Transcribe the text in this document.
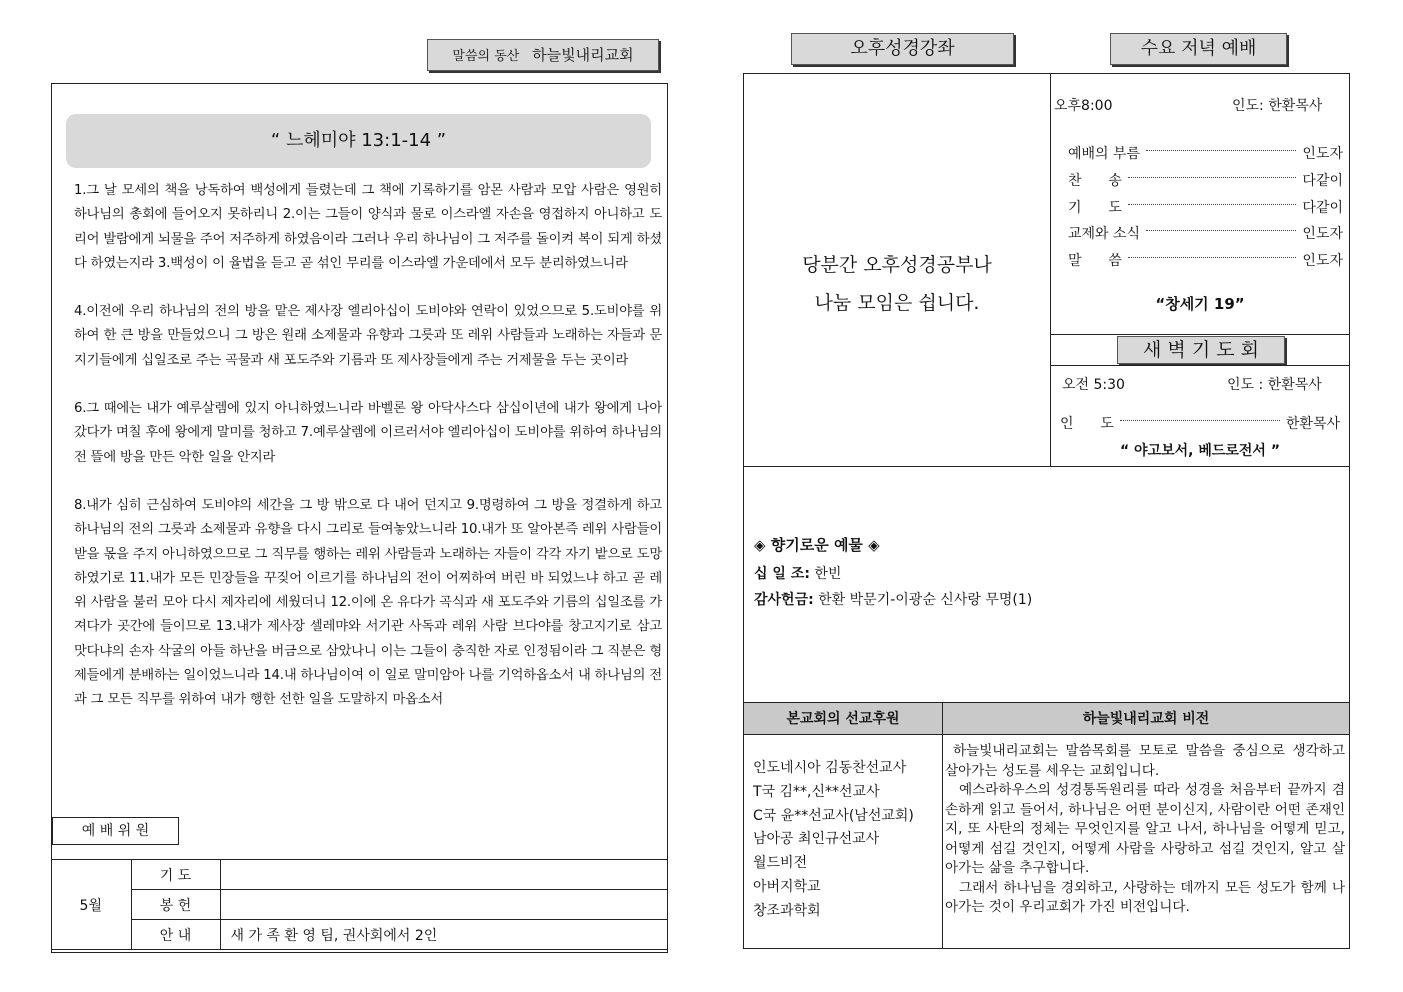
말씀의 동산 하늘빛내리교회
“ 느헤미야 13:1-14 ”

1.그 날 모세의 책을 낭독하여 백성에게 들렸는데 그 책에 기록하기를 암몬 사람과 모압 사람은 영원히 하나님의 총회에 들어오지 못하리니 2.이는 그들이 양식과 물로 이스라엘 자손을 영접하지 아니하고 도리어 발람에게 뇌물을 주어 저주하게 하였음이라 그러나 우리 하나님이 그 저주를 돌이켜 복이 되게 하셨다 하였는지라 3.백성이 이 율법을 듣고 곧 섞인 무리를 이스라엘 가운데에서 모두 분리하였느니라

4.이전에 우리 하나님의 전의 방을 맡은 제사장 엘리아십이 도비야와 연락이 있었으므로 5.도비야를 위하여 한 큰 방을 만들었으니 그 방은 원래 소제물과 유향과 그릇과 또 레위 사람들과 노래하는 자들과 문지기들에게 십일조로 주는 곡물과 새 포도주와 기름과 또 제사장들에게 주는 거제물을 두는 곳이라

6.그 때에는 내가 예루살렘에 있지 아니하였느니라 바벨론 왕 아닥사스다 삼십이년에 내가 왕에게 나아갔다가 며칠 후에 왕에게 말미를 청하고 7.예루살렘에 이르러서야 엘리아십이 도비야를 위하여 하나님의 전 뜰에 방을 만든 악한 일을 안지라

8.내가 심히 근심하여 도비야의 세간을 그 방 밖으로 다 내어 던지고 9.명령하여 그 방을 정결하게 하고 하나님의 전의 그릇과 소제물과 유향을 다시 그리로 들여놓았느니라 10.내가 또 알아본즉 레위 사람들이 받을 몫을 주지 아니하였으므로 그 직무를 행하는 레위 사람들과 노래하는 자들이 각각 자기 밭으로 도망하였기로 11.내가 모든 민장들을 꾸짖어 이르기를 하나님의 전이 어찌하여 버린 바 되었느냐 하고 곧 레위 사람을 불러 모아 다시 제자리에 세웠더니 12.이에 온 유다가 곡식과 새 포도주와 기름의 십일조를 가져다가 곳간에 들이므로 13.내가 제사장 셀레먀와 서기관 사독과 레위 사람 브다야를 창고지기로 삼고 맛다냐의 손자 삭굴의 아들 하난을 버금으로 삼았나니 이는 그들이 충직한 자로 인정됨이라 그 직분은 형제들에게 분배하는 일이었느니라 14.내 하나님이여 이 일로 말미암아 나를 기억하옵소서 내 하나님의 전과 그 모든 직무를 위하여 내가 행한 선한 일을 도말하지 마옵소서

예 배 위 원
5월	기 도	
	봉 헌	
	안 내	새 가 족 환 영 팀, 권사회에서 2인
오후성경강좌	수요 저녁 예배
당분간 오후성경공부나
나눔 모임은 쉽니다.
오후8:00	인도: 한환목사
예배의 부름	인도자
찬      송	다같이
기      도	다같이
교제와 소식	인도자
말      씀	인도자
“창세기 19”
새 벽 기 도 회
오전 5:30	인도 : 한환목사
인      도	한환목사
“ 야고보서, 베드로전서 ”
◈ 향기로운 예물 ◈
십 일 조: 한빈
감사헌금: 한환 박문기-이광순 신사랑 무명(1)
본교회의 선교후원	하늘빛내리교회 비전
인도네시아 김동찬선교사
T국 김**,신**선교사
C국 윤**선교사(남선교회)
남아공 최인규선교사
월드비전
아버지학교
창조과학회
하늘빛내리교회는 말씀목회를 모토로 말씀을 중심으로 생각하고 살아가는 성도를 세우는 교회입니다.
예스라하우스의 성경통독원리를 따라 성경을 처음부터 끝까지 겸손하게 읽고 들어서, 하나님은 어떤 분이신지, 사람이란 어떤 존재인지, 또 사탄의 정체는 무엇인지를 알고 나서, 하나님을 어떻게 믿고, 어떻게 섬길 것인지, 어떻게 사람을 사랑하고 섬길 것인지, 알고 살아가는 삶을 추구합니다.
그래서 하나님을 경외하고, 사랑하는 데까지 모든 성도가 함께 나아가는 것이 우리교회가 가진 비전입니다.
